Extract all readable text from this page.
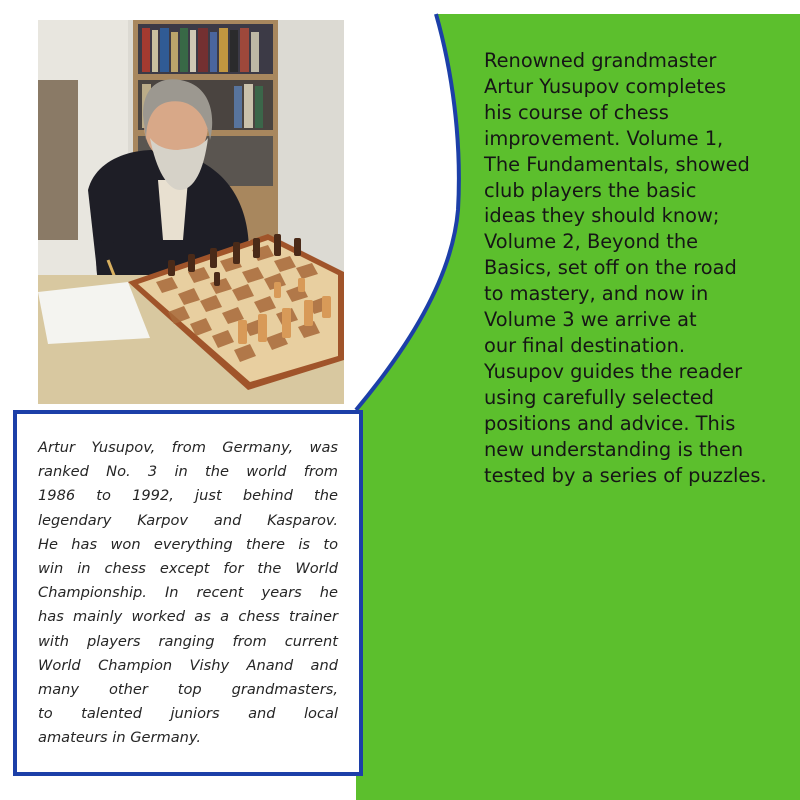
Artur Yusupov, from Germany, was

ranked No. 3 in the world from

1986 to 1992, just behind the

legendary Karpov and Kasparov.

He has won everything there is to

win in chess except for the World

Championship. In recent years he

has mainly worked as a chess trainer

with players ranging from current

World Champion Vishy Anand and

many other top grandmasters,

to talented juniors and local

amateurs in Germany.

Renowned grandmaster

Artur Yusupov completes

his course of chess

improvement. Volume 1,

The Fundamentals, showed

club players the basic

ideas they should know;

Volume 2, Beyond the

Basics, set off on the road

to mastery, and now in

Volume 3 we arrive at

our final destination.

Yusupov guides the reader

using carefully selected

positions and advice. This

new understanding is then

tested by a series of puzzles.
